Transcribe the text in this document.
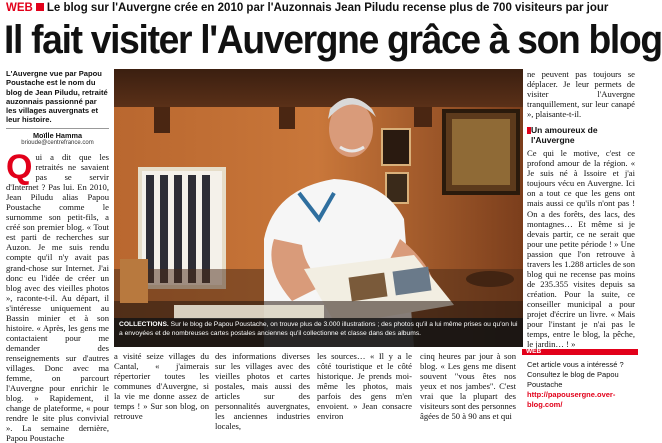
WEB Le blog sur l'Auvergne crée en 2010 par l'Auzonnais Jean Piludu recense plus de 700 visiteurs par jour
Il fait visiter l'Auvergne grâce à son blog
L'Auvergne vue par Papou Poustache est le nom du blog de Jean Piludu, retraité auzonnais passionné par les villages auvergnats et leur histoire.
Moïlle Hamma
brioude@centrefrance.com
Qui a dit que les retraités ne savaient pas se servir d'Internet ? Pas lui. En 2010, Jean Piludu alias Papou Poustache comme le surnomme son petit-fils, a créé son premier blog. « Tout est parti de recherches sur Auzon. Je me suis rendu compte qu'il n'y avait pas grand-chose sur Internet. J'ai donc eu l'idée de créer un blog avec des vieilles photos », raconte-t-il. Au départ, il s'intéresse uniquement au Bassin minier et à son histoire. « Après, les gens me contactaient pour me demander des renseignements sur d'autres villages. Donc avec ma femme, on parcourt l'Auvergne pour enrichir le blog. » Rapidement, il change de plateforme, « pour rendre le site plus convivial ». La semaine dernière, Papou Poustache
COLLECTIONS. Sur le blog de Papou Poustache, on trouve plus de 3.000 illustrations ; des photos qu'il a lui même prises ou qu'on lui a envoyées et de nombreuses cartes postales anciennes qu'il collectionne et classe dans des albums.
a visité seize villages du Cantal, « j'aimerais répertorier toutes les communes d'Auvergne, si la vie me donne assez de temps ! » Sur son blog, on retrouve
des informations diverses sur les villages avec des vieilles photos et cartes postales, mais aussi des articles sur des personnalités auvergnates, les anciennes industries locales,
les sources… « Il y a le côté touristique et le côté historique. Je prends moi-même les photos, mais parfois des gens m'en envoient. » Jean consacre environ
cinq heures par jour à son blog. « Les gens me disent souvent "vous êtes nos yeux et nos jambes". C'est vrai que la plupart des visiteurs sont des personnes âgées de 50 à 90 ans et qui

ne peuvent pas toujours se déplacer. Je leur permets de visiter l'Auvergne tranquillement, sur leur canapé », plaisante-t-il.

Un amoureux de l'Auvergne

Ce qui le motive, c'est ce profond amour de la région. « Je suis né à Issoire et j'ai toujours vécu en Auvergne. Ici on a tout ce que les gens ont mais aussi ce qu'ils n'ont pas ! On a des forêts, des lacs, des montagnes… Et même si je devais partir, ce ne serait que pour une petite période ! » Une passion que l'on retrouve à travers les 1.288 articles de son blog qui ne recense pas moins de 235.355 visites depuis sa création. Pour la suite, ce conseiller municipal a pour projet d'écrire un livre. « Mais pour l'instant je n'ai pas le temps, entre le blog, la pêche, le jardin… ! »

WEB
Cet article vous a intéressé ? Consultez le blog de Papou Poustache
http://papousergne.over-blog.com/
